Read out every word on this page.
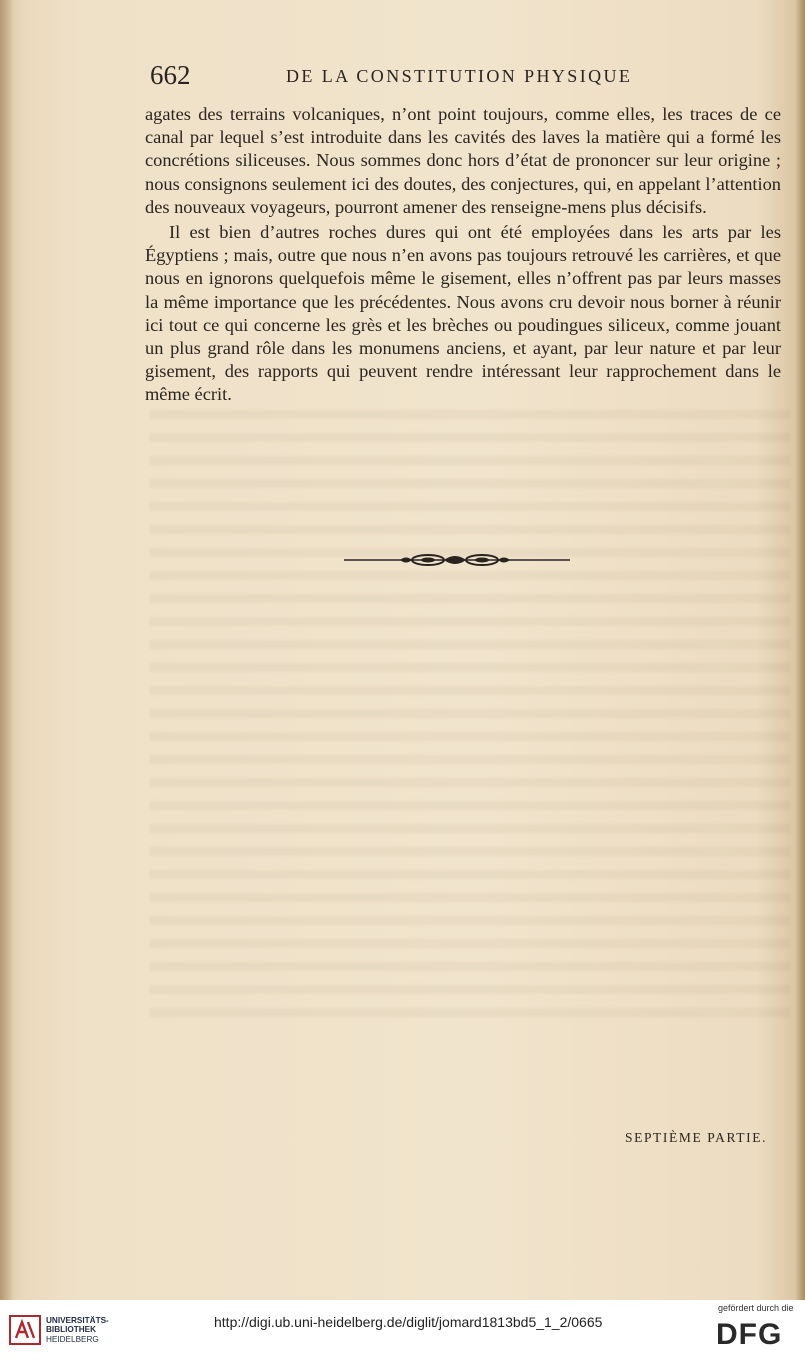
662	DE LA CONSTITUTION PHYSIQUE

agates des terrains volcaniques, n’ont point toujours, comme elles, les traces de ce canal par lequel s’est introduite dans les cavités des laves la matière qui a formé les concrétions siliceuses. Nous sommes donc hors d’état de prononcer sur leur origine ; nous consignons seulement ici des doutes, des conjectures, qui, en appelant l’attention des nouveaux voyageurs, pourront amener des renseigne-mens plus décisifs.

Il est bien d’autres roches dures qui ont été employées dans les arts par les Égyptiens ; mais, outre que nous n’en avons pas toujours retrouvé les carrières, et que nous en ignorons quelquefois même le gisement, elles n’offrent pas par leurs masses la même importance que les précédentes. Nous avons cru devoir nous borner à réunir ici tout ce qui concerne les grès et les brèches ou poudingues siliceux, comme jouant un plus grand rôle dans les monumens anciens, et ayant, par leur nature et par leur gisement, des rapports qui peuvent rendre intéressant leur rapprochement dans le même écrit.

SEPTIÈME PARTIE.
UNIVERSITÄTS-
BIBLIOTHEK
HEIDELBERG
http://digi.ub.uni-heidelberg.de/diglit/jomard1813bd5_1_2/0665
gefördert durch die
DFG
